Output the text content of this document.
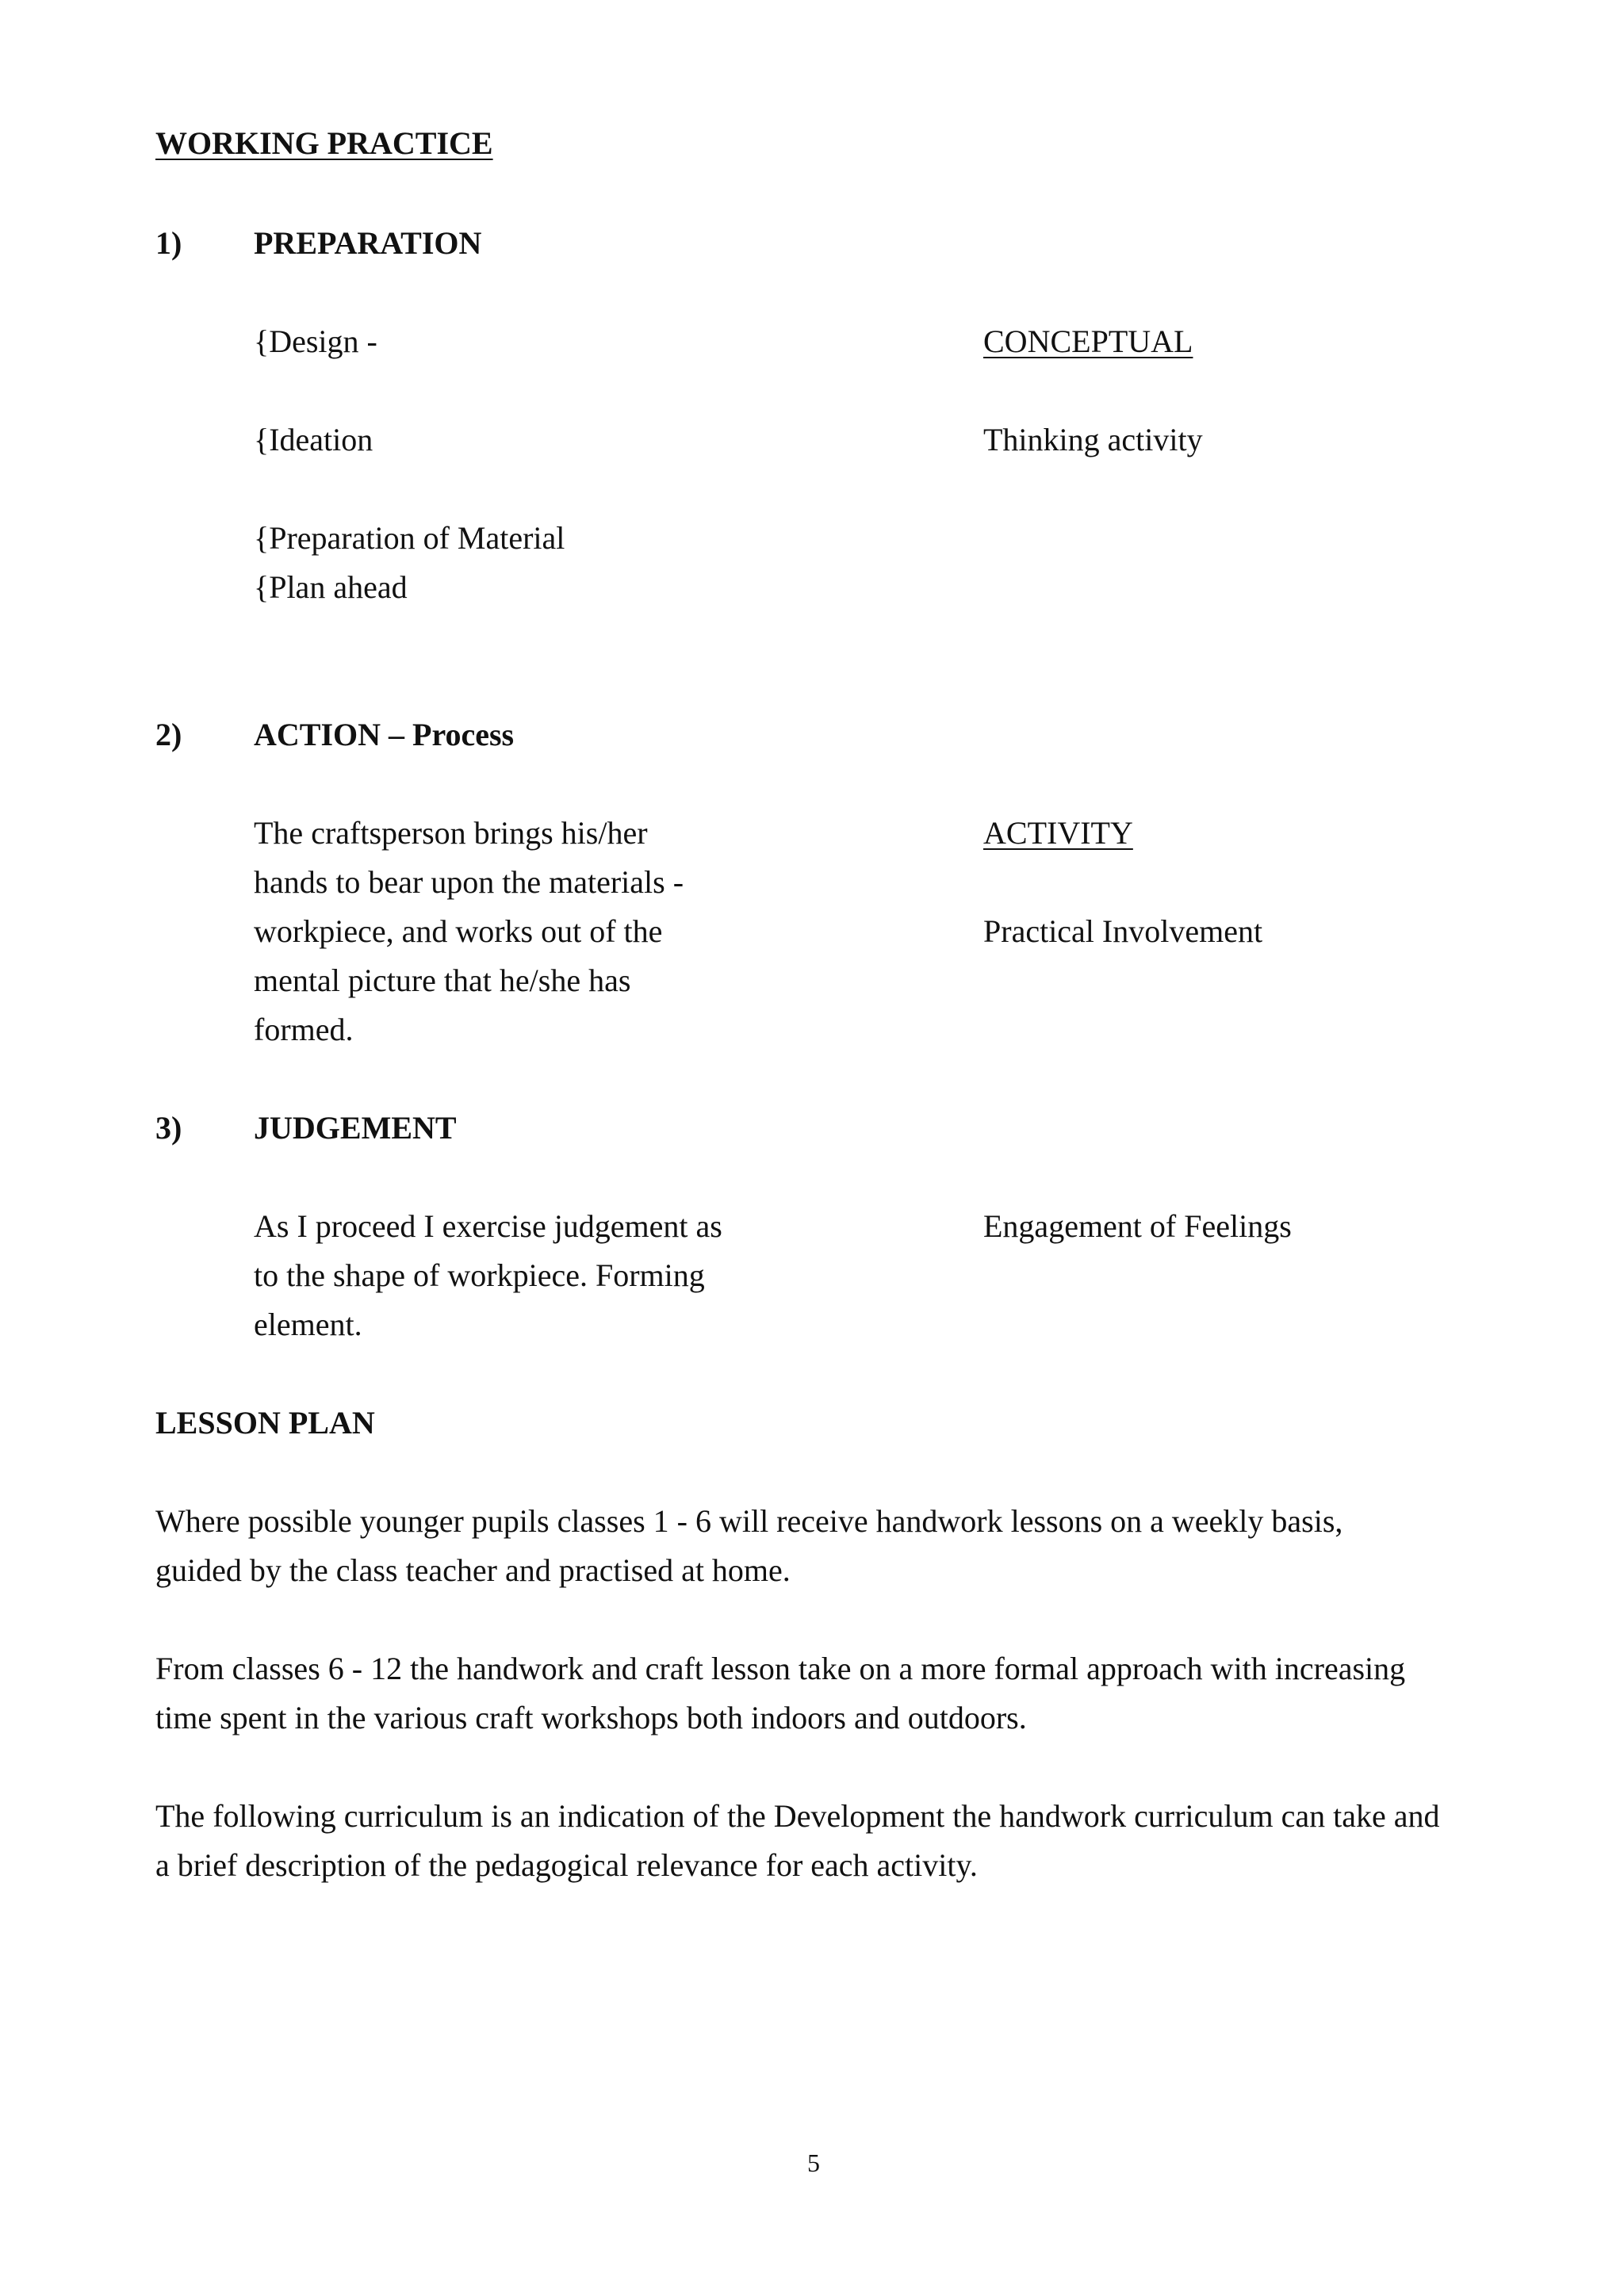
WORKING PRACTICE
1) PREPARATION
{Design -	CONCEPTUAL
{Ideation	Thinking activity
{Preparation of Material
{Plan ahead
2) ACTION – Process
The craftsperson brings his/her
hands to bear upon the materials -
workpiece, and works out of the
mental picture that he/she has
formed.
ACTIVITY
Practical Involvement
3) JUDGEMENT
As I proceed I exercise judgement as
to the shape of workpiece. Forming
element.
Engagement of Feelings
LESSON PLAN
Where possible younger pupils classes 1 - 6 will receive handwork lessons on a weekly basis,
guided by the class teacher and practised at home.
From classes 6 - 12 the handwork and craft lesson take on a more formal approach with increasing
time spent in the various craft workshops both indoors and outdoors.
The following curriculum is an indication of the Development the handwork curriculum can take and
a brief description of the pedagogical relevance for each activity.
5
